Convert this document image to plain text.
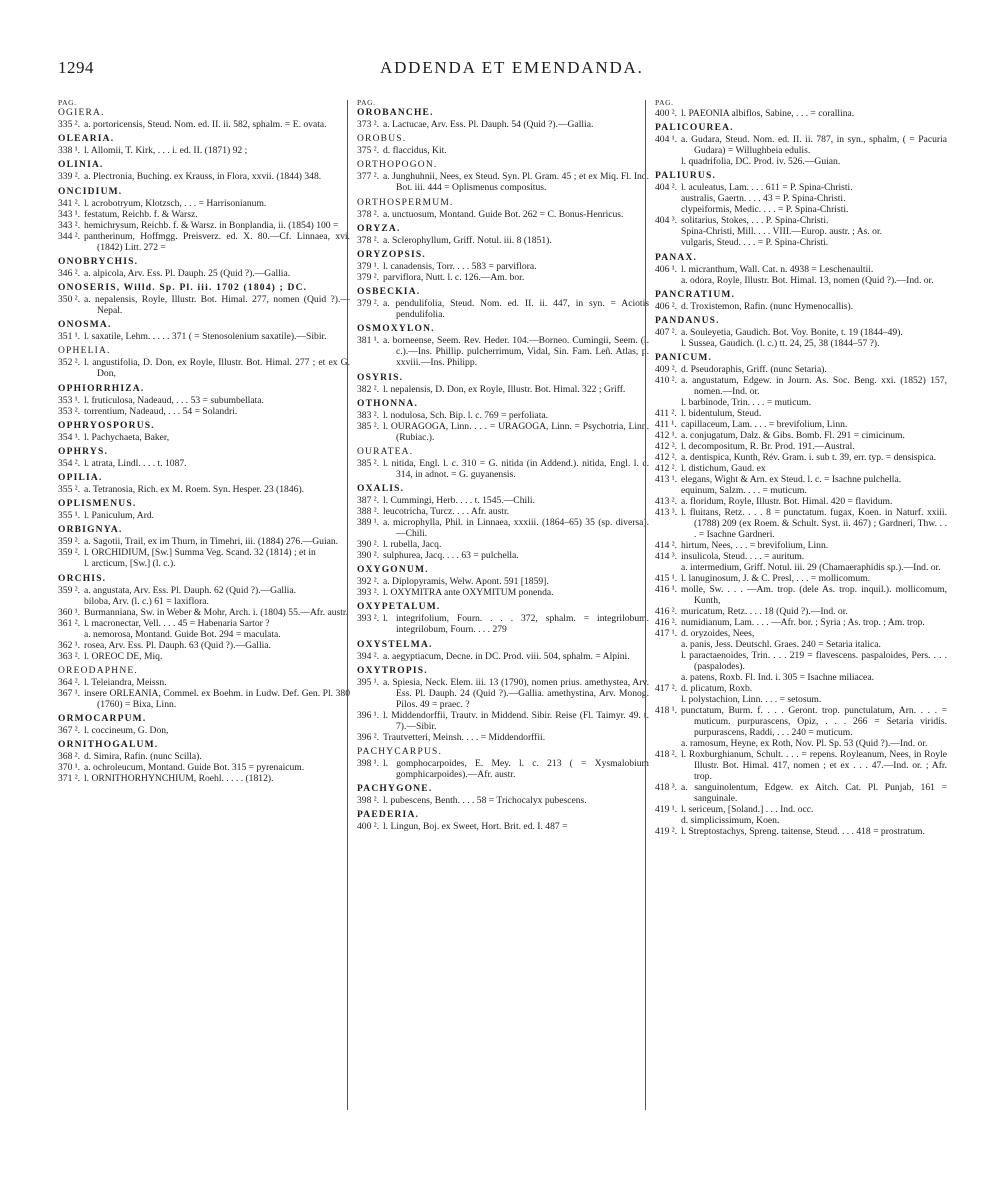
1294	ADDENDA ET EMENDANDA.
PAG.
OGIERA.
335 ². a. portoricensis, Steud. Nom. ed. II. ii. 582, sphalm. = E. ovata.
OLEARIA.
338 ¹. l. Allomii, T. Kirk, . . . i. ed. II. (1871) 92 ;
OLINIA.
339 ². a. Plectronia, Buching. ex Krauss, in Flora, xxvii. (1844) 348.
ONCIDIUM.
341 ². l. acrobotryum, Klotzsch, . . . = Harrisonianum.
343 ¹. festatum, Reichb. f. & Warsz.
343 ². hemichrysum, Reichb. f. & Warsz. in Bonplandia, ii. (1854) 100 =
344 ². pantherinum, Hoffmgg. Preisverz. ed. X. 80.—Cf. Linnaea, xvi. (1842) Litt. 272 =
ONOBRYCHIS.
346 ². a. alpicola, Arv. Ess. Pl. Dauph. 25 (Quid ?).—Gallia.
ONOSERIS, Willd. Sp. Pl. iii. 1702 (1804) ; DC.
350 ². a. nepalensis, Royle, Illustr. Bot. Himal. 277, nomen (Quid ?).—Nepal.
ONOSMA.
351 ¹. l. saxatile, Lehm. . . . . 371 ( = Stenosolenium saxatile).—Sibir.
OPHELIA.
352 ². l. angustifolia, D. Don, ex Royle, Illustr. Bot. Himal. 277 ; et ex G. Don,
OPHIORRHIZA.
353 ¹. l. fruticulosa, Nadeaud, . . . 53 = subumbellata.
353 ². torrentium, Nadeaud, . . . 54 = Solandri.
OPHRYOSPORUS.
354 ¹. l. Pachychaeta, Baker,
OPHRYS.
354 ². l. atrata, Lindl. . . . t. 1087.
OPILIA.
355 ². a. Tetranosia, Rich. ex M. Roem. Syn. Hesper. 23 (1846).
OPLISMENUS.
355 ¹. l. Paniculum, Ard.
ORBIGNYA.
359 ². a. Sagotii, Trail, ex im Thurn, in Timehri, iii. (1884) 276.—Guian.
359 ². l. ORCHIDIUM, [Sw.] Summa Veg. Scand. 32 (1814) ; et in
l. arcticum, [Sw.] (l. c.).
ORCHIS.
359 ². a. angustata, Arv. Ess. Pl. Dauph. 62 (Quid ?).—Gallia.
biloba, Arv. (l. c.) 61 = laxiflora.
360 ¹. Burmanniana, Sw. in Weber & Mohr, Arch. i. (1804) 55.—Afr. austr.
361 ². l. macronectar, Vell. . . . 45 = Habenaria Sartor ?
a. nemorosa, Montand. Guide Bot. 294 = maculata.
362 ¹. rosea, Arv. Ess. Pl. Dauph. 63 (Quid ?).—Gallia.
363 ². l. OREOC DE, Miq.
OREODAPHNE.
364 ². l. Teleiandra, Meissn.
367 ¹. insere ORLEANIA, Commel. ex Boehm. in Ludw. Def. Gen. Pl. 380 (1760) = Bixa, Linn.
ORMOCARPUM.
367 ². l. coccineum, G. Don,
ORNITHOGALUM.
368 ². d. Simira, Rafin. (nunc Scilla).
370 ¹. a. ochroleucum, Montand. Guide Bot. 315 = pyrenaicum.
371 ². l. ORNITHORHYNCHIUM, Roehl. . . . . (1812).
PAG.
OROBANCHE.
373 ². a. Lactucae, Arv. Ess. Pl. Dauph. 54 (Quid ?).—Gallia.
OROBUS.
375 ². d. flaccidus, Kit.
ORTHOPOGON.
377 ². a. Junghuhnii, Nees, ex Steud. Syn. Pl. Gram. 45 ; et ex Miq. Fl. Ind. Bot. iii. 444 = Oplismenus compositus.
ORTHOSPERMUM.
378 ². a. unctuosum, Montand. Guide Bot. 262 = C. Bonus-Henricus.
ORYZA.
378 ². a. Sclerophyllum, Griff. Notul. iii. 8 (1851).
ORYZOPSIS.
379 ¹. l. canadensis, Torr. . . . 583 = parviflora.
379 ². parviflora, Nutt. l. c. 126.—Am. bor.
OSBECKIA.
379 ². a. pendulifolia, Steud. Nom. ed. II. ii. 447, in syn. = Aciotis pendulifolia.
OSMOXYLON.
381 ¹. a. borneense, Seem. Rev. Heder. 104.—Borneo. Cumingii, Seem. (l. c.).—Ins. Phillip. pulcherrimum, Vidal, Sin. Fam. Leñ. Atlas, p. xxviii.—Ins. Philipp.
OSYRIS.
382 ². l. nepalensis, D. Don, ex Royle, Illustr. Bot. Himal. 322 ; Griff.
OTHONNA.
383 ². l. nodulosa, Sch. Bip. l. c. 769 = perfoliata.
385 ². l. OURAGOGA, Linn. . . . = URAGOGA, Linn. = Psychotria, Linn. (Rubiac.).
OURATEA.
385 ². l. nitida, Engl. l. c. 310 = G. nitida (in Addend.). nitida, Engl. l. c. 314, in adnot. = G. guyanensis.
OXALIS.
387 ². l. Cummingi, Herb. . . . t. 1545.—Chili.
388 ². leucotricha, Turcz. . . . Afr. austr.
389 ¹. a. microphylla, Phil. in Linnaea, xxxiii. (1864–65) 35 (sp. diversa).—Chili.
390 ². l. rubella, Jacq.
390 ². sulphurea, Jacq. . . . 63 = pulchella.
OXYGONUM.
392 ². a. Diplopyramis, Welw. Apont. 591 [1859].
393 ². l. OXYMITRA ante OXYMITUM ponenda.
OXYPETALUM.
393 ². l. integrifolium, Fourn. . . . 372, sphalm. = integrilobum. integrilobum, Fourn. . . . 279
OXYSTELMA.
394 ². a. aegyptiacum, Decne. in DC. Prod. viii. 504, sphalm. = Alpini.
OXYTROPIS.
395 ¹. a. Spiesia, Neck. Elem. iii. 13 (1790), nomen prius. amethystea, Arv. Ess. Pl. Dauph. 24 (Quid ?).—Gallia. amethystina, Arv. Monog. Pilos. 49 = praec. ?
396 ¹. l. Middendorffii, Trautv. in Middend. Sibir. Reise (Fl. Taimyr. 49. t. 7).—Sibir.
396 ². Trautvetteri, Meinsh. . . . = Middendorffii.
PACHYCARPUS.
398 ¹. l. gomphocarpoides, E. Mey. l. c. 213 ( = Xysmalobium gomphicarpoides).—Afr. austr.
PACHYGONE.
398 ². l. pubescens, Benth. . . . 58 = Trichocalyx pubescens.
PAEDERIA.
400 ². l. Lingun, Boj. ex Sweet, Hort. Brit. ed. I. 487 =
PAG.
400 ². l. PAEONIA albiflos, Sabine, . . . = corallina.
PALICOUREA.
404 ¹. a. Gudara, Steud. Nom. ed. II. ii. 787, in syn., sphalm, ( = Pacuria Gudara) = Willughbeia edulis.
l. quadrifolia, DC. Prod. iv. 526.—Guian.
PALIURUS.
404 ². l. aculeatus, Lam. . . . 611 = P. Spina-Christi.
australis, Gaertn. . . . 43 = P. Spina-Christi.
clypeiformis, Medic. . . . = P. Spina-Christi.
404 ³. solitarius, Stokes, . . . P. Spina-Christi.
Spina-Christi, Mill. . . . VIII.—Europ. austr. ; As. or.
vulgaris, Steud. . . . = P. Spina-Christi.
PANAX.
406 ¹. l. micranthum, Wall. Cat. n. 4938 = Leschenaultii.
a. odora, Royle, Illustr. Bot. Himal. 13, nomen (Quid ?).—Ind. or.
PANCRATIUM.
406 ². d. Troxistemon, Rafin. (nunc Hymenocallis).
PANDANUS.
407 ². a. Souleyetia, Gaudich. Bot. Voy. Bonite, t. 19 (1844–49).
l. Sussea, Gaudich. (l. c.) tt. 24, 25, 38 (1844–57 ?).
PANICUM.
409 ². d. Pseudoraphis, Griff. (nunc Setaria).
410 ². a. angustatum, Edgew. in Journ. As. Soc. Beng. xxi. (1852) 157, nomen.—Ind. or.
l. barbinode, Trin. . . . = muticum.
411 ². l. bidentulum, Steud.
411 ¹. capillaceum, Lam. . . . = brevifolium, Linn.
412 ¹. a. conjugatum, Dalz. & Gibs. Bomb. Fl. 291 = cimicinum.
412 ². l. decompositum, R. Br. Prod. 191.—Austral.
412 ². a. dentispica, Kunth, Rév. Gram. i. sub t. 39, err. typ. = densispica.
412 ². l. distichum, Gaud. ex
413 ¹. elegans, Wight & Arn. ex Steud. l. c. = Isachne pulchella.
equinum, Salzm. . . . = muticum.
413 ². a. floridum, Royle, Illustr. Bot. Himal. 420 = flavidum.
413 ³. l. fluitans, Retz. . . . 8 = punctatum. fugax, Koen. in Naturf. xxiii. (1788) 209 (ex Roem. & Schult. Syst. ii. 467) ; Gardneri, Thw. . . . = Isachne Gardneri.
414 ². hirtum, Nees, . . . = brevifolium, Linn.
414 ³. insulicola, Steud. . . . = auritum.
a. intermedium, Griff. Notul. iii. 29 (Chamaeraphidis sp.).—Ind. or.
415 ¹. l. lanuginosum, J. & C. Presl, . . . = mollicomum.
416 ¹. molle, Sw. . . . —Am. trop. (dele As. trop. inquil.). mollicomum, Kunth,
416 ². muricatum, Retz. . . . 18 (Quid ?).—Ind. or.
416 ². numidianum, Lam. . . . —Afr. bor. ; Syria ; As. trop. ; Am. trop.
417 ¹. d. oryzoides, Nees,
a. panis, Jess. Deutschl. Graes. 240 = Setaria italica.
l. paractaenoides, Trin. . . . 219 = flavescens. paspaloides, Pers. . . . (paspalodes).
a. patens, Roxb. Fl. Ind. i. 305 = Isachne miliacea.
417 ². d. plicatum, Roxb.
l. polystachion, Linn. . . . = setosum.
418 ¹. punctatum, Burm. f. . . . Geront. trop. punctulatum, Arn. . . . = muticum. purpurascens, Opiz, . . . 266 = Setaria viridis. purpurascens, Raddi, . . . 240 = muticum.
a. ramosum, Heyne, ex Roth, Nov. Pl. Sp. 53 (Quid ?).—Ind. or.
418 ². l. Roxburghianum, Schult. . . . = repens. Royleanum, Nees, in Royle Illustr. Bot. Himal. 417, nomen ; et ex . . . 47.—Ind. or. ; Afr. trop.
418 ³. a. sanguinolentum, Edgew. ex Aitch. Cat. Pl. Punjab, 161 = sanguinale.
419 ¹. l. sericeum, [Soland.] . . . Ind. occ.
d. simplicissimum, Koen.
419 ². l. Streptostachys, Spreng. taitense, Steud. . . . 418 = prostratum.
